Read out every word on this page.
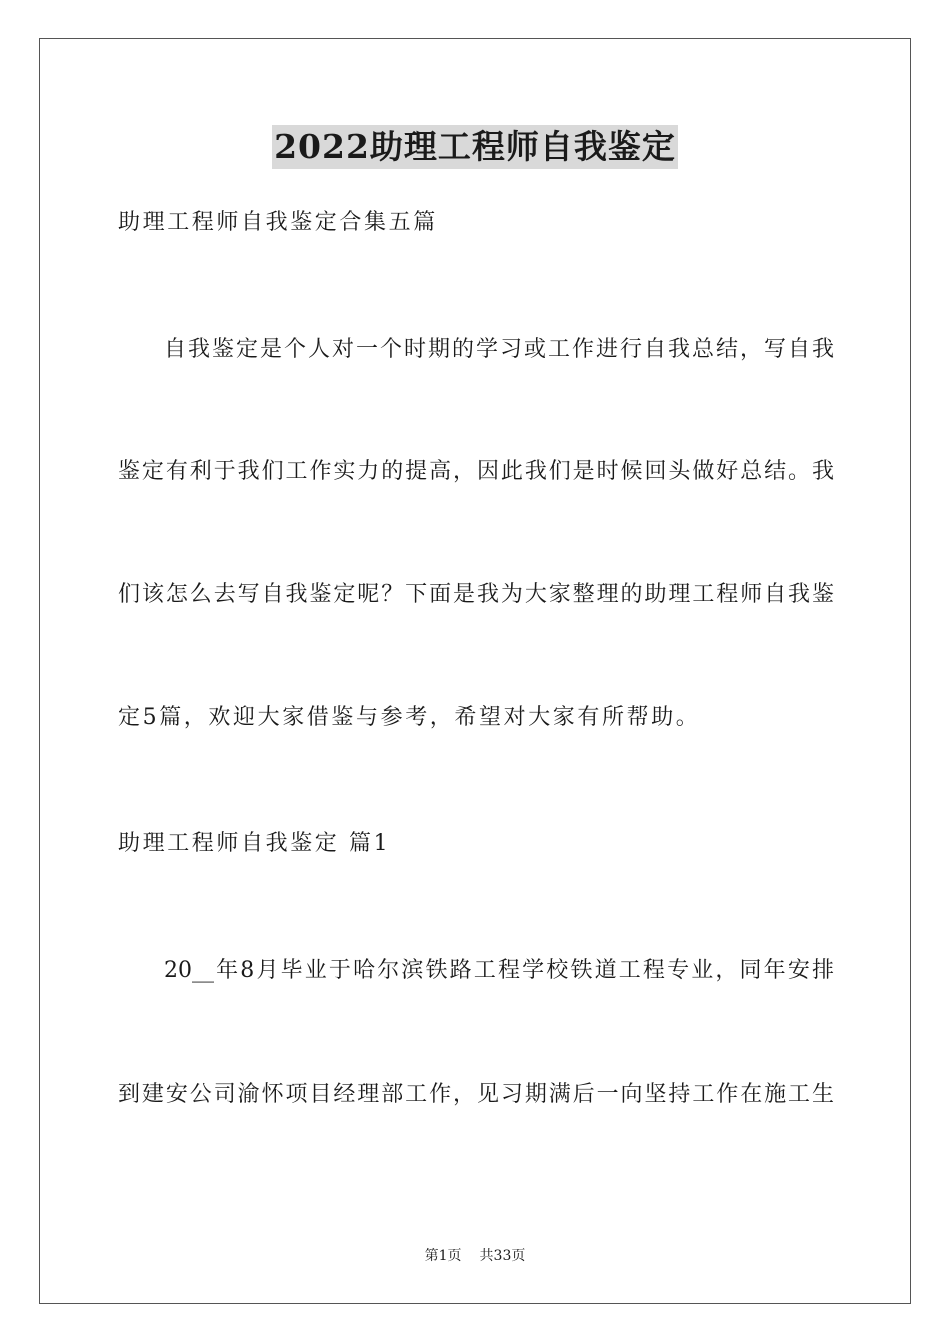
2022助理工程师自我鉴定
助理工程师自我鉴定合集五篇
自我鉴定是个人对一个时期的学习或工作进行自我总结，写自我
鉴定有利于我们工作实力的提高，因此我们是时候回头做好总结。我
们该怎么去写自我鉴定呢？下面是我为大家整理的助理工程师自我鉴
定5篇，欢迎大家借鉴与参考，希望对大家有所帮助。
助理工程师自我鉴定 篇1
20__年8月毕业于哈尔滨铁路工程学校铁道工程专业，同年安排
到建安公司渝怀项目经理部工作，见习期满后一向坚持工作在施工生
第1页 共33页
